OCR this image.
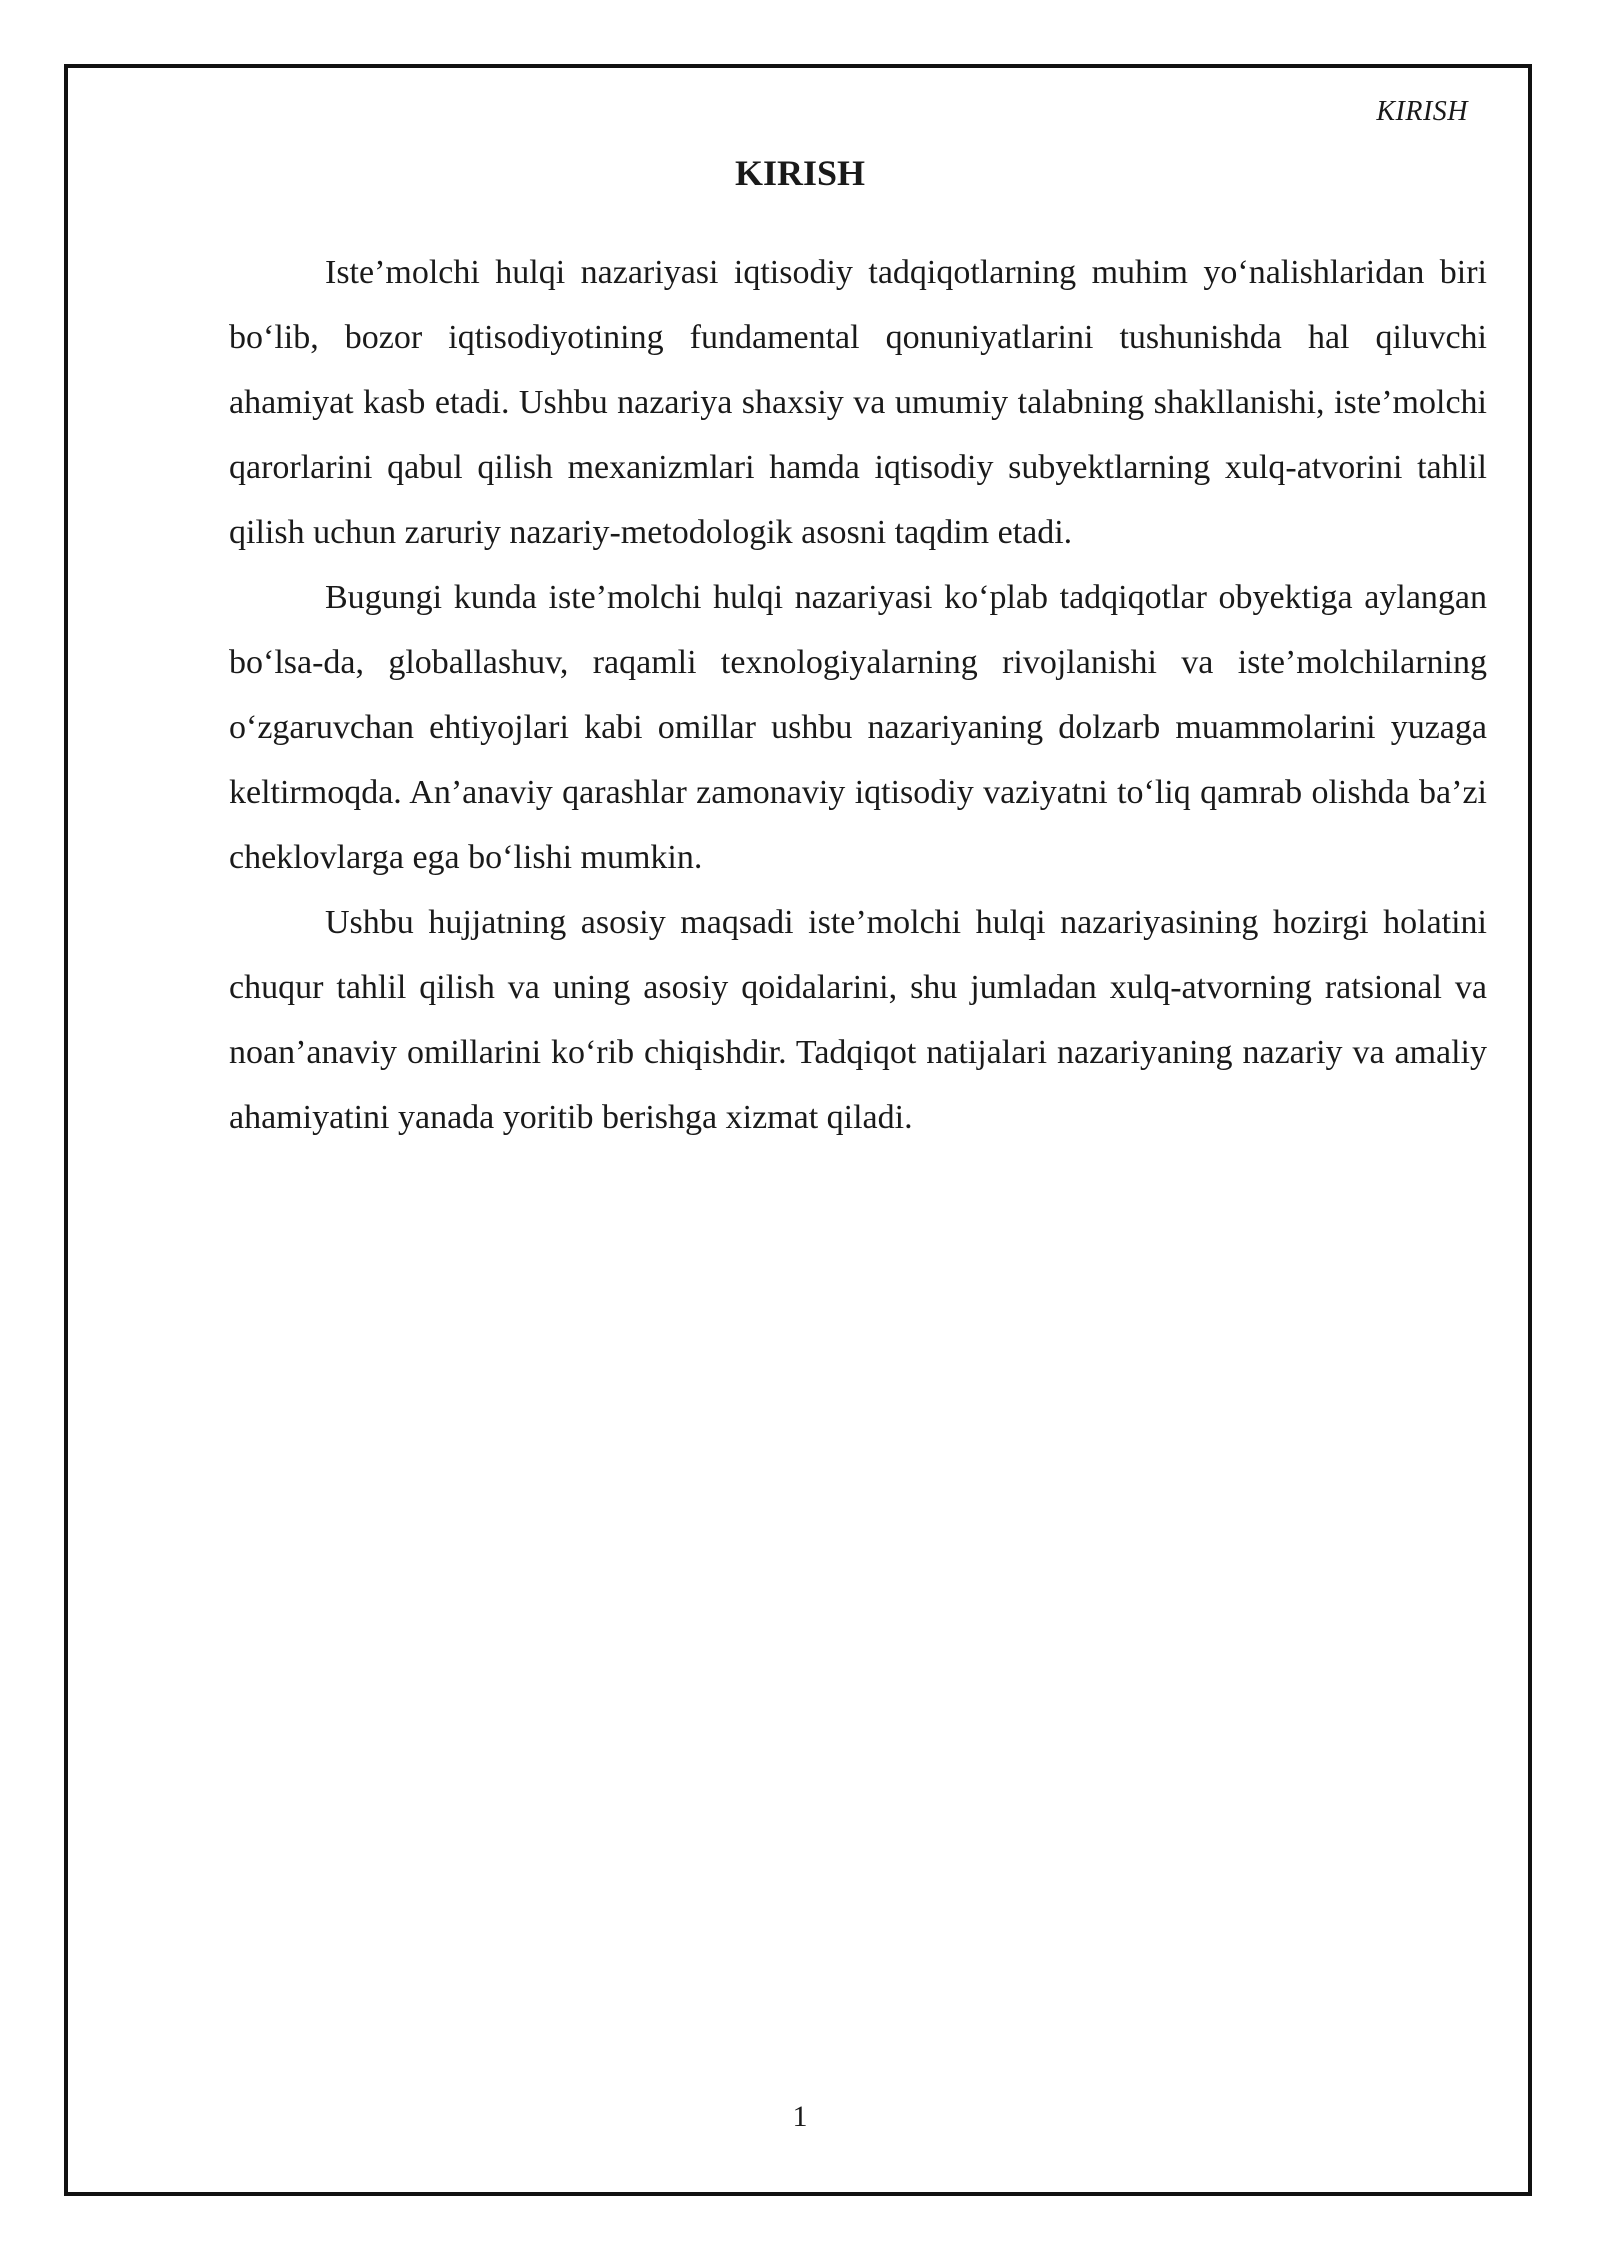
KIRISH
KIRISH

Iste’molchi hulqi nazariyasi iqtisodiy tadqiqotlarning muhim yo‘nalishlaridan biri bo‘lib, bozor iqtisodiyotining fundamental qonuniyatlarini tushunishda hal qiluvchi ahamiyat kasb etadi. Ushbu nazariya shaxsiy va umumiy talabning shakllanishi, iste’molchi qarorlarini qabul qilish mexanizmlari hamda iqtisodiy subyektlarning xulq-atvorini tahlil qilish uchun zaruriy nazariy-metodologik asosni taqdim etadi.

Bugungi kunda iste’molchi hulqi nazariyasi ko‘plab tadqiqotlar obyektiga aylangan bo‘lsa-da, globallashuv, raqamli texnologiyalarning rivojlanishi va iste’molchilarning o‘zgaruvchan ehtiyojlari kabi omillar ushbu nazariyaning dolzarb muammolarini yuzaga keltirmoqda. An’anaviy qarashlar zamonaviy iqtisodiy vaziyatni to‘liq qamrab olishda ba’zi cheklovlarga ega bo‘lishi mumkin.

Ushbu hujjatning asosiy maqsadi iste’molchi hulqi nazariyasining hozirgi holatini chuqur tahlil qilish va uning asosiy qoidalarini, shu jumladan xulq-atvorning ratsional va noan’anaviy omillarini ko‘rib chiqishdir. Tadqiqot natijalari nazariyaning nazariy va amaliy ahamiyatini yanada yoritib berishga xizmat qiladi.

1
